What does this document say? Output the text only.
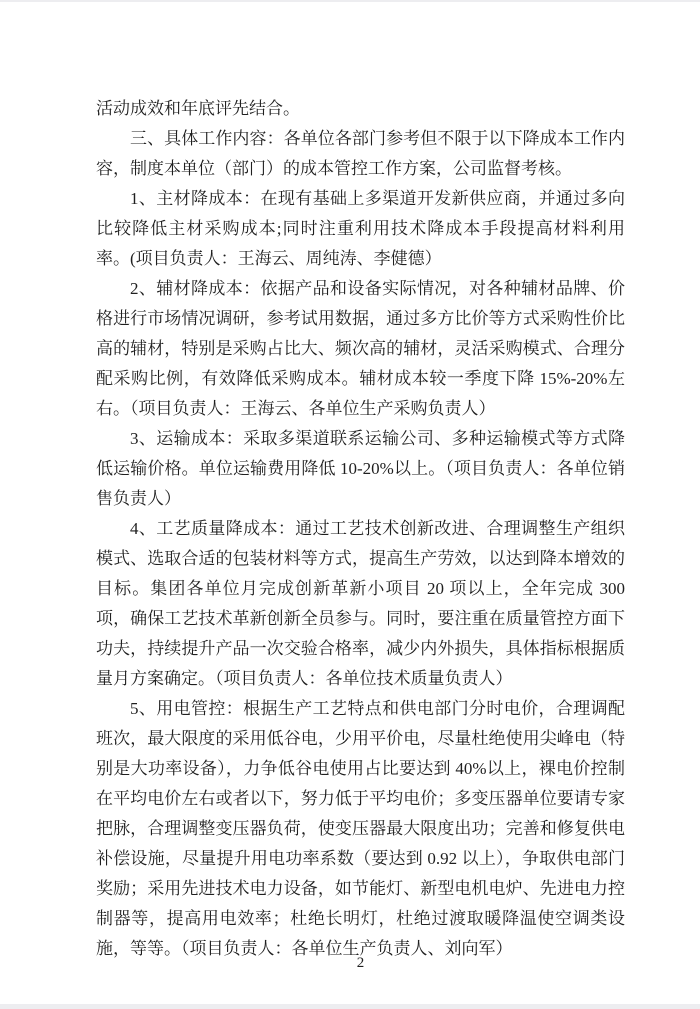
活动成效和年底评先结合。

三、具体工作内容：各单位各部门参考但不限于以下降成本工作内容，制度本单位（部门）的成本管控工作方案，公司监督考核。

1、主材降成本：在现有基础上多渠道开发新供应商，并通过多向比较降低主材采购成本;同时注重利用技术降成本手段提高材料利用率。(项目负责人：王海云、周纯涛、李健德）

2、辅材降成本：依据产品和设备实际情况，对各种辅材品牌、价格进行市场情况调研，参考试用数据，通过多方比价等方式采购性价比高的辅材，特别是采购占比大、频次高的辅材，灵活采购模式、合理分配采购比例，有效降低采购成本。辅材成本较一季度下降 15%-20%左右。（项目负责人：王海云、各单位生产采购负责人）

3、运输成本：采取多渠道联系运输公司、多种运输模式等方式降低运输价格。单位运输费用降低 10-20%以上。（项目负责人：各单位销售负责人）

4、工艺质量降成本：通过工艺技术创新改进、合理调整生产组织模式、选取合适的包装材料等方式，提高生产劳效，以达到降本增效的目标。集团各单位月完成创新革新小项目 20 项以上，全年完成 300 项，确保工艺技术革新创新全员参与。同时，要注重在质量管控方面下功夫，持续提升产品一次交验合格率，减少内外损失，具体指标根据质量月方案确定。（项目负责人：各单位技术质量负责人）

5、用电管控：根据生产工艺特点和供电部门分时电价，合理调配班次，最大限度的采用低谷电，少用平价电，尽量杜绝使用尖峰电（特别是大功率设备），力争低谷电使用占比要达到 40%以上，裸电价控制在平均电价左右或者以下，努力低于平均电价；多变压器单位要请专家把脉，合理调整变压器负荷，使变压器最大限度出功；完善和修复供电补偿设施，尽量提升用电功率系数（要达到 0.92 以上），争取供电部门奖励；采用先进技术电力设备，如节能灯、新型电机电炉、先进电力控制器等，提高用电效率；杜绝长明灯，杜绝过渡取暖降温使空调类设施，等等。（项目负责人：各单位生产负责人、刘向军）

2
